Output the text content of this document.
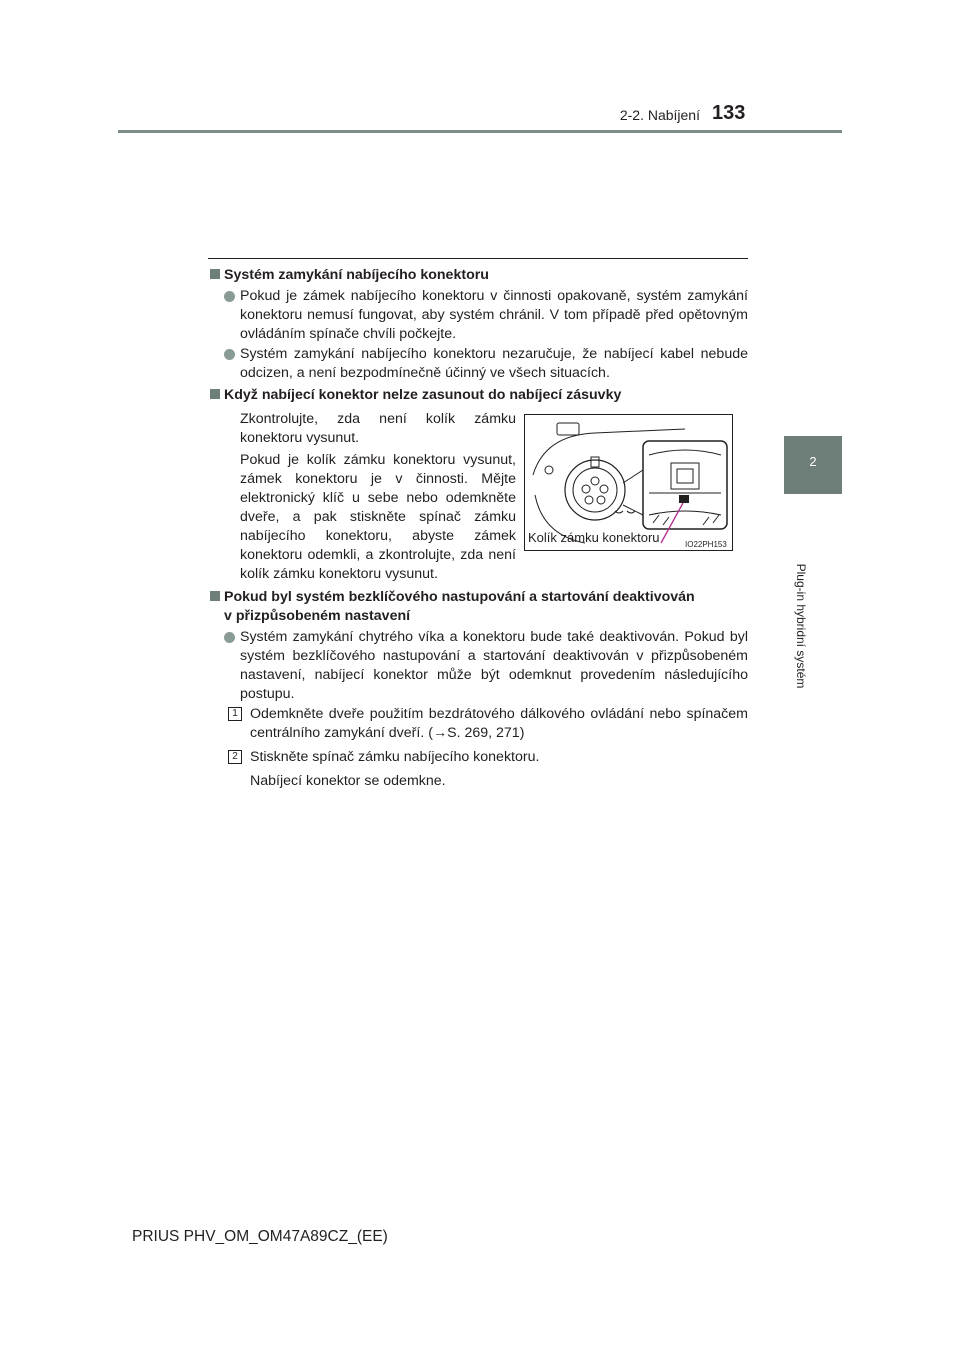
2-2. Nabíjení 133
2
Plug-in hybridní systém
Systém zamykání nabíjecího konektoru
Pokud je zámek nabíjecího konektoru v činnosti opakovaně, systém zamykání konektoru nemusí fungovat, aby systém chránil. V tom případě před opětovným ovládáním spínače chvíli počkejte.
Systém zamykání nabíjecího konektoru nezaručuje, že nabíjecí kabel nebude odcizen, a není bezpodmínečně účinný ve všech situacích.
Když nabíjecí konektor nelze zasunout do nabíjecí zásuvky
Zkontrolujte, zda není kolík zámku konektoru vysunut.
Pokud je kolík zámku konektoru vysunut, zámek konektoru je v činnosti. Mějte elektronický klíč u sebe nebo odemkněte dveře, a pak stiskněte spínač zámku nabíjecího konektoru, abyste zámek konektoru odemkli, a zkontrolujte, zda není kolík zámku konektoru vysunut.
Kolík zámku konektoru	IO22PH153
Pokud byl systém bezklíčového nastupování a startování deaktivován
v přizpůsobeném nastavení
Systém zamykání chytrého víka a konektoru bude také deaktivován. Pokud byl systém bezklíčového nastupování a startování deaktivován v přizpůsobeném nastavení, nabíjecí konektor může být odemknut provedením následujícího postupu.
1 Odemkněte dveře použitím bezdrátového dálkového ovládání nebo spínačem centrálního zamykání dveří. (→S. 269, 271)
2 Stiskněte spínač zámku nabíjecího konektoru.
Nabíjecí konektor se odemkne.
PRIUS PHV_OM_OM47A89CZ_(EE)
